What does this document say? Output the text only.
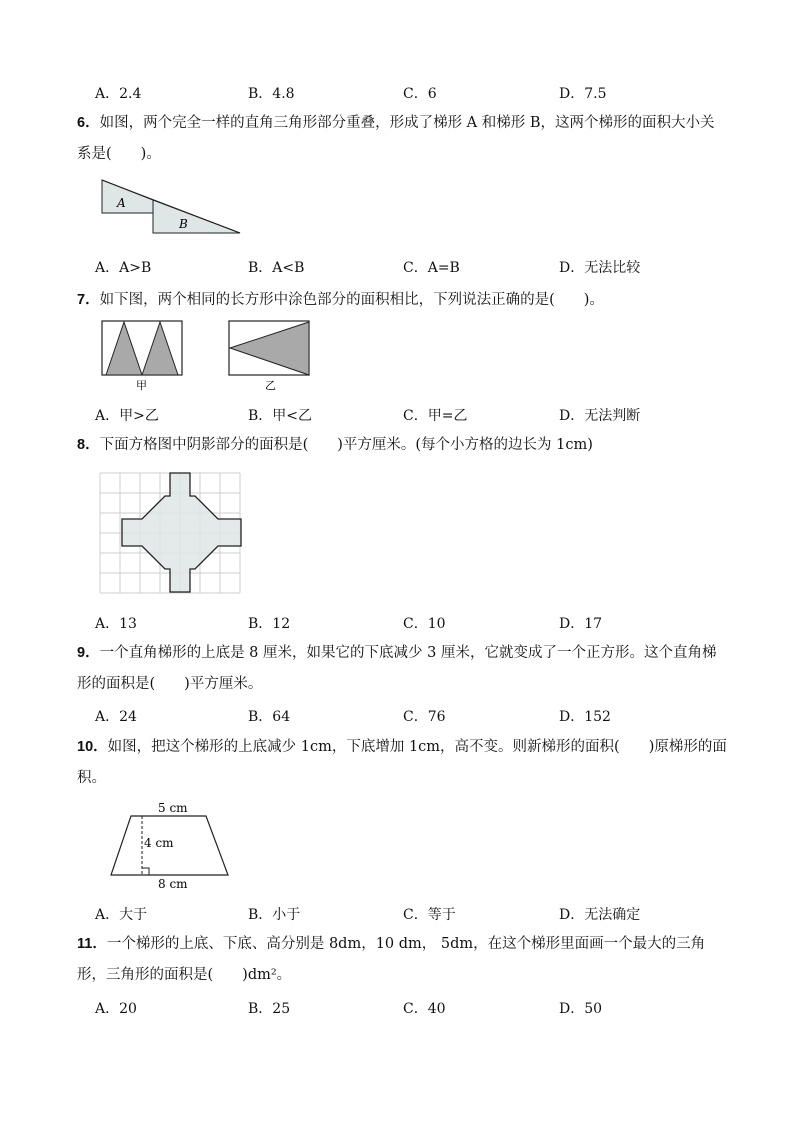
A．2.4	B．4.8	C．6	D．7.5
6．如图，两个完全一样的直角三角形部分重叠，形成了梯形 A 和梯形 B，这两个梯形的面积大小关系是(　　)。
A
B
A．A>B	B．A<B	C．A=B	D．无法比较
7．如下图，两个相同的长方形中涂色部分的面积相比，下列说法正确的是(　　)。
甲	乙
A．甲>乙	B．甲<乙	C．甲=乙	D．无法判断
8．下面方格图中阴影部分的面积是(　　)平方厘米。(每个小方格的边长为 1cm)
A．13	B．12	C．10	D．17
9．一个直角梯形的上底是 8 厘米，如果它的下底减少 3 厘米，它就变成了一个正方形。这个直角梯形的面积是(　　)平方厘米。
A．24	B．64	C．76	D．152
10．如图，把这个梯形的上底减少 1cm，下底增加 1cm，高不变。则新梯形的面积(　　)原梯形的面积。
5 cm
4 cm
8 cm
A．大于	B．小于	C．等于	D．无法确定
11．一个梯形的上底、下底、高分别是 8dm，10 dm， 5dm，在这个梯形里面画一个最大的三角形，三角形的面积是(　　)dm²。
A．20	B．25	C．40	D．50
